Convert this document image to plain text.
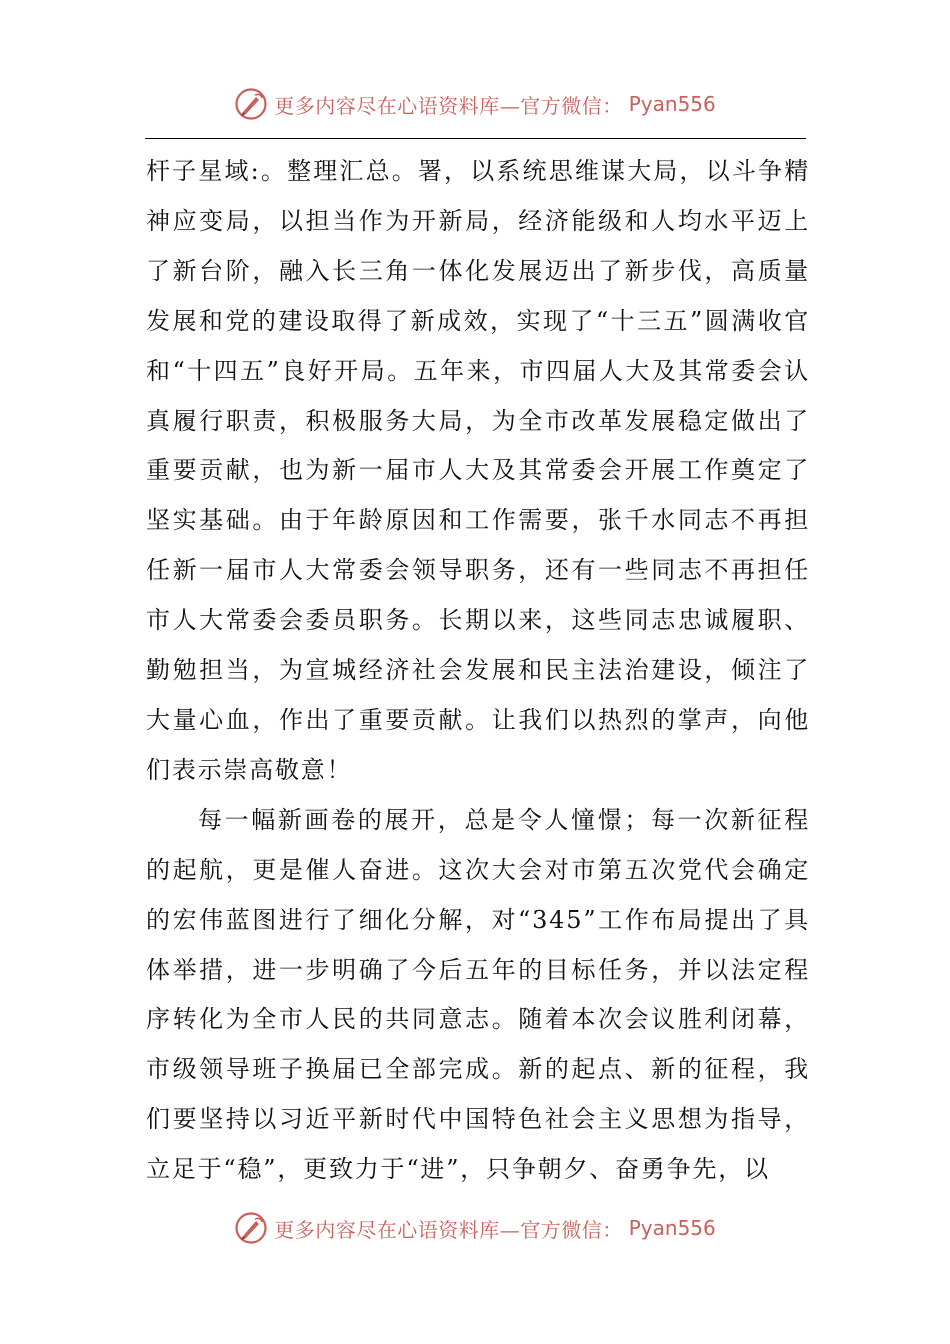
更多内容尽在心语资料库—官方微信： Pyan556

杆子星域:。整理汇总。署，以系统思维谋大局，以斗争精神应变局，以担当作为开新局，经济能级和人均水平迈上了新台阶，融入长三角一体化发展迈出了新步伐，高质量发展和党的建设取得了新成效，实现了“十三五”圆满收官和“十四五”良好开局。五年来，市四届人大及其常委会认真履行职责，积极服务大局，为全市改革发展稳定做出了重要贡献，也为新一届市人大及其常委会开展工作奠定了坚实基础。由于年龄原因和工作需要，张千水同志不再担任新一届市人大常委会领导职务，还有一些同志不再担任市人大常委会委员职务。长期以来，这些同志忠诚履职、勤勉担当，为宣城经济社会发展和民主法治建设，倾注了大量心血，作出了重要贡献。让我们以热烈的掌声，向他们表示崇高敬意！

每一幅新画卷的展开，总是令人憧憬；每一次新征程的起航，更是催人奋进。这次大会对市第五次党代会确定的宏伟蓝图进行了细化分解，对“345”工作布局提出了具体举措，进一步明确了今后五年的目标任务，并以法定程序转化为全市人民的共同意志。随着本次会议胜利闭幕，市级领导班子换届已全部完成。新的起点、新的征程，我们要坚持以习近平新时代中国特色社会主义思想为指导，立足于“稳”，更致力于“进”，只争朝夕、奋勇争先，以

更多内容尽在心语资料库—官方微信： Pyan556
